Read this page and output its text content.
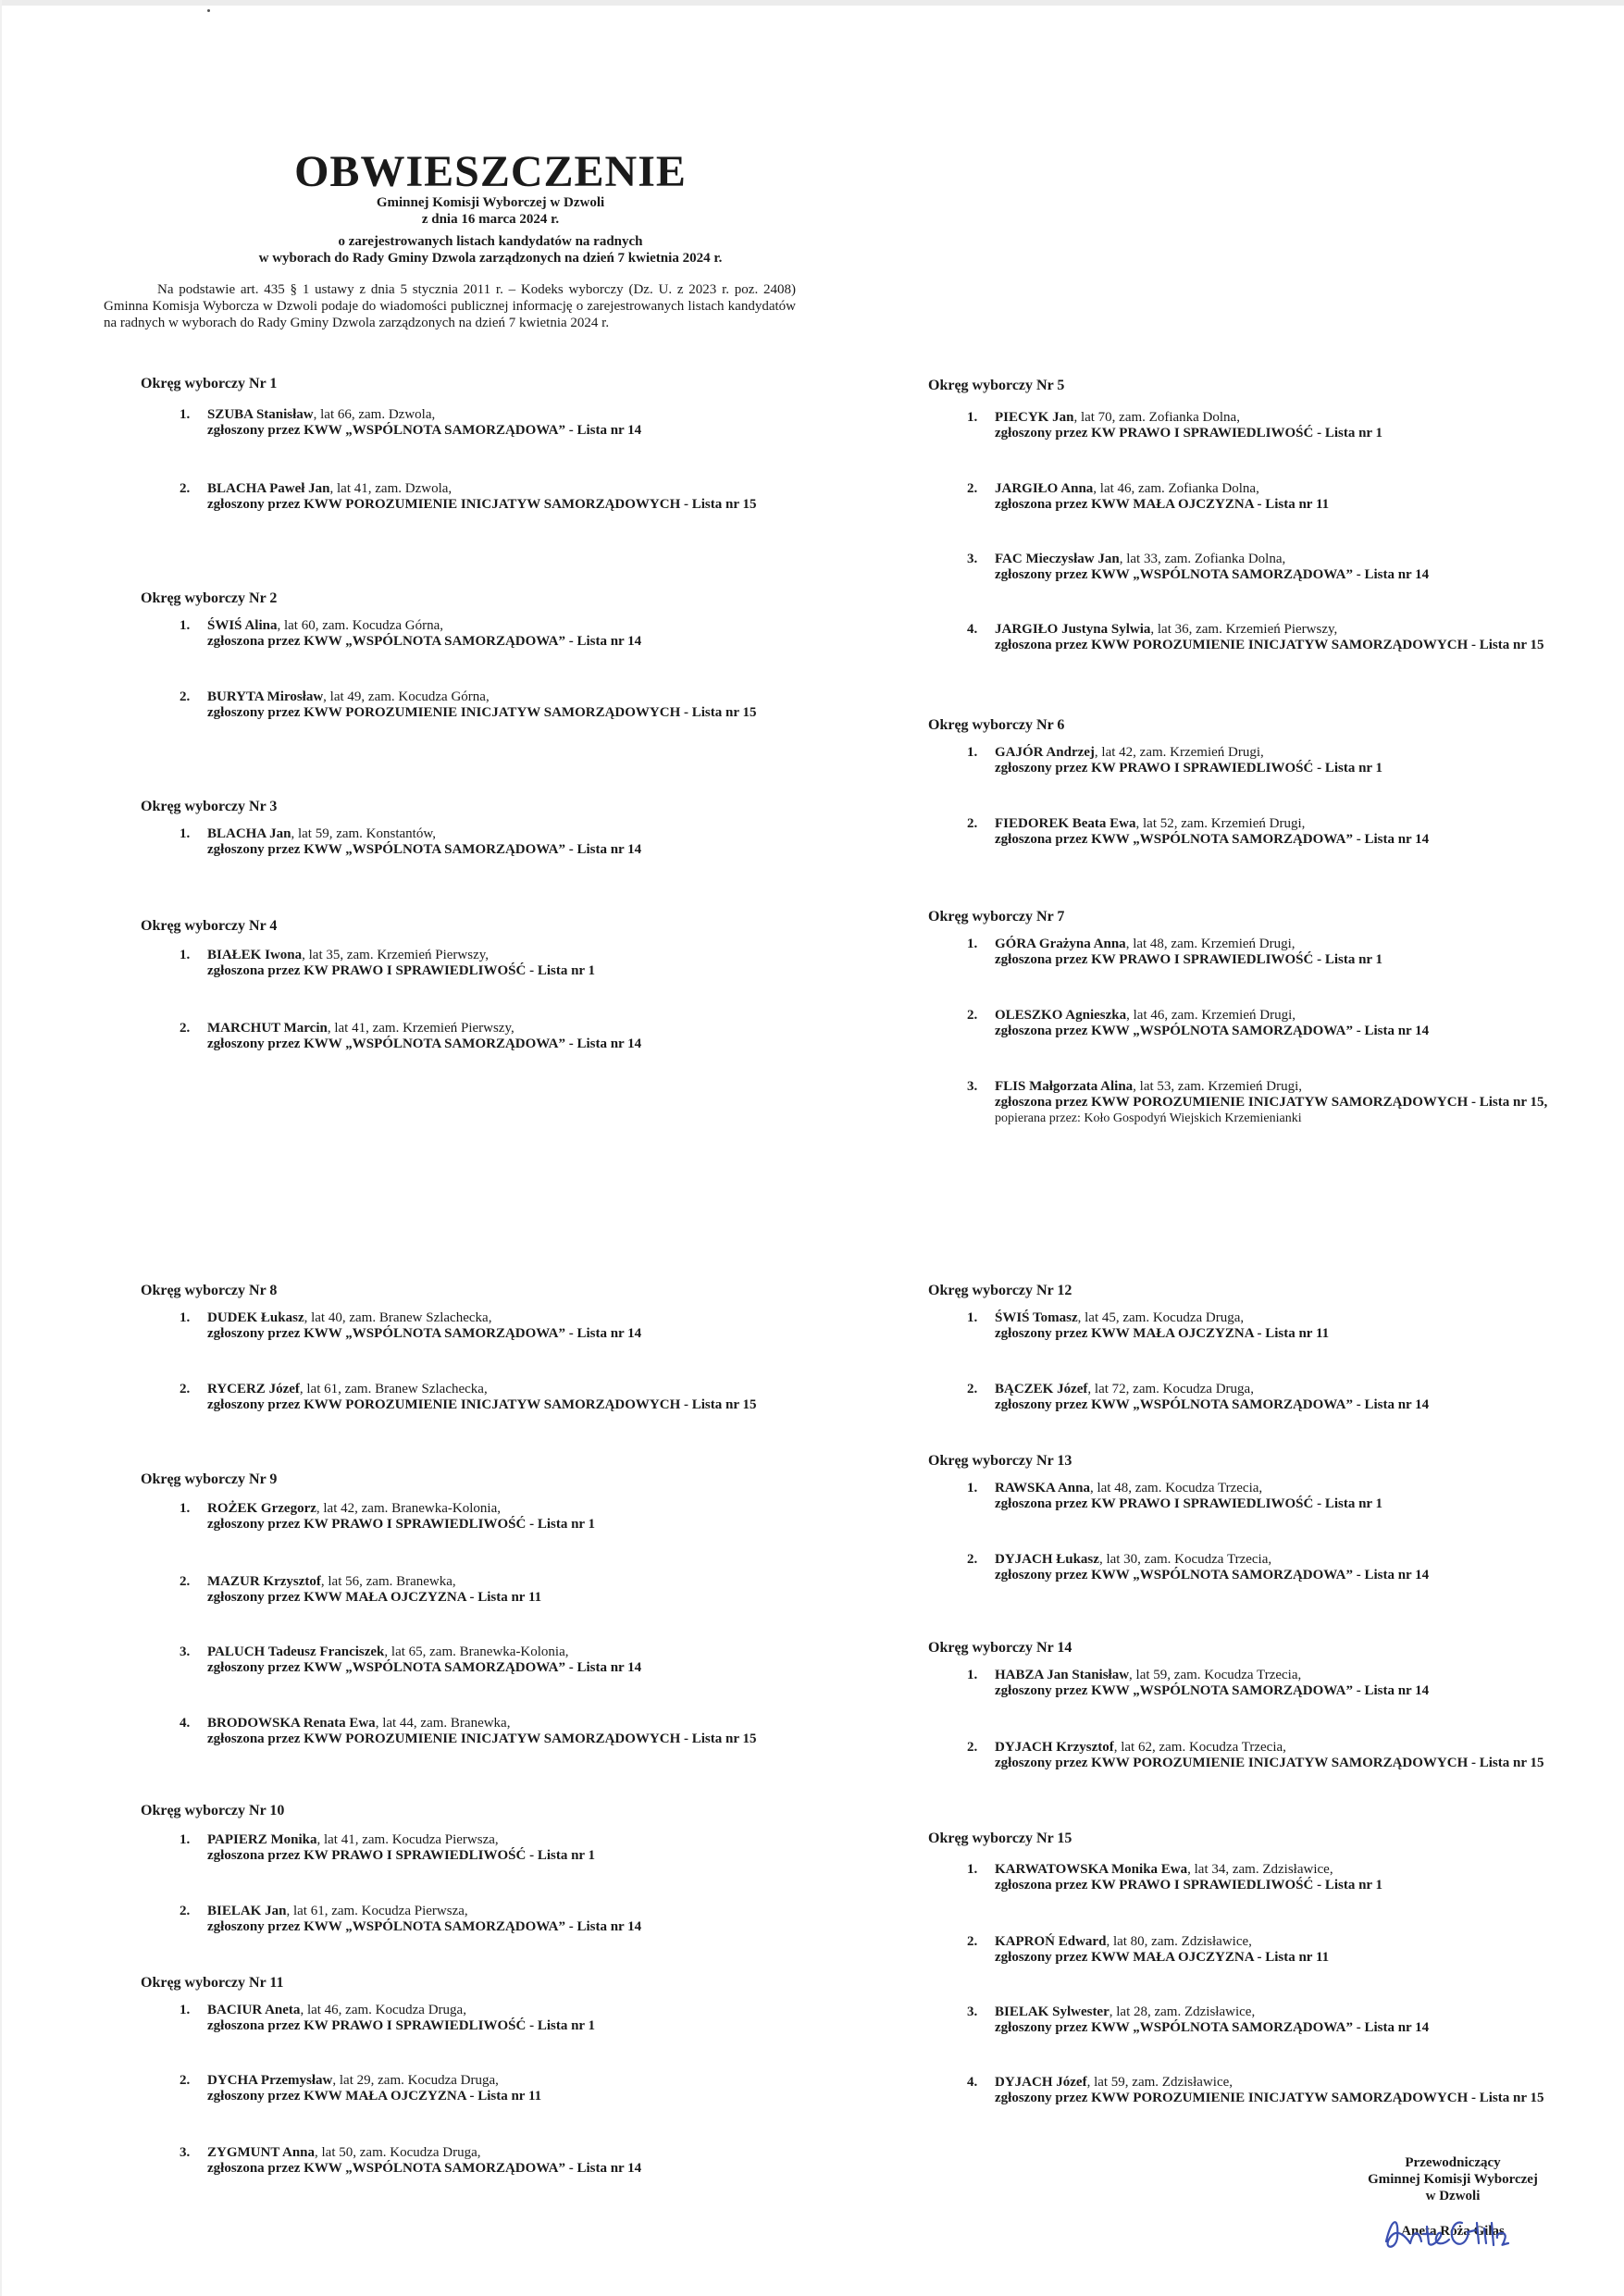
OBWIESZCZENIE
Gminnej Komisji Wyborczej w Dzwoli
z dnia 16 marca 2024 r.
o zarejestrowanych listach kandydatów na radnych
w wyborach do Rady Gminy Dzwola zarządzonych na dzień 7 kwietnia 2024 r.
Na podstawie art. 435 § 1 ustawy z dnia 5 stycznia 2011 r. – Kodeks wyborczy (Dz. U. z 2023 r. poz. 2408) Gminna Komisja Wyborcza w Dzwoli podaje do wiadomości publicznej informację o zarejestrowanych listach kandydatów na radnych w wyborach do Rady Gminy Dzwola zarządzonych na dzień 7 kwietnia 2024 r.
Okręg wyborczy Nr 1
1. SZUBA Stanisław, lat 66, zam. Dzwola,
zgłoszony przez KWW „WSPÓLNOTA SAMORZĄDOWA” - Lista nr 14
2. BLACHA Paweł Jan, lat 41, zam. Dzwola,
zgłoszony przez KWW POROZUMIENIE INICJATYW SAMORZĄDOWYCH - Lista nr 15
Okręg wyborczy Nr 2
1. ŚWIŚ Alina, lat 60, zam. Kocudza Górna,
zgłoszona przez KWW „WSPÓLNOTA SAMORZĄDOWA” - Lista nr 14
2. BURYTA Mirosław, lat 49, zam. Kocudza Górna,
zgłoszony przez KWW POROZUMIENIE INICJATYW SAMORZĄDOWYCH - Lista nr 15
Okręg wyborczy Nr 3
1. BLACHA Jan, lat 59, zam. Konstantów,
zgłoszony przez KWW „WSPÓLNOTA SAMORZĄDOWA” - Lista nr 14
Okręg wyborczy Nr 4
1. BIAŁEK Iwona, lat 35, zam. Krzemień Pierwszy,
zgłoszona przez KW PRAWO I SPRAWIEDLIWOŚĆ - Lista nr 1
2. MARCHUT Marcin, lat 41, zam. Krzemień Pierwszy,
zgłoszony przez KWW „WSPÓLNOTA SAMORZĄDOWA” - Lista nr 14
Okręg wyborczy Nr 5
1. PIECYK Jan, lat 70, zam. Zofianka Dolna,
zgłoszony przez KW PRAWO I SPRAWIEDLIWOŚĆ - Lista nr 1
2. JARGIŁO Anna, lat 46, zam. Zofianka Dolna,
zgłoszona przez KWW MAŁA OJCZYZNA - Lista nr 11
3. FAC Mieczysław Jan, lat 33, zam. Zofianka Dolna,
zgłoszony przez KWW „WSPÓLNOTA SAMORZĄDOWA” - Lista nr 14
4. JARGIŁO Justyna Sylwia, lat 36, zam. Krzemień Pierwszy,
zgłoszona przez KWW POROZUMIENIE INICJATYW SAMORZĄDOWYCH - Lista nr 15
Okręg wyborczy Nr 6
1. GAJÓR Andrzej, lat 42, zam. Krzemień Drugi,
zgłoszony przez KW PRAWO I SPRAWIEDLIWOŚĆ - Lista nr 1
2. FIEDOREK Beata Ewa, lat 52, zam. Krzemień Drugi,
zgłoszona przez KWW „WSPÓLNOTA SAMORZĄDOWA” - Lista nr 14
Okręg wyborczy Nr 7
1. GÓRA Grażyna Anna, lat 48, zam. Krzemień Drugi,
zgłoszona przez KW PRAWO I SPRAWIEDLIWOŚĆ - Lista nr 1
2. OLESZKO Agnieszka, lat 46, zam. Krzemień Drugi,
zgłoszona przez KWW „WSPÓLNOTA SAMORZĄDOWA” - Lista nr 14
3. FLIS Małgorzata Alina, lat 53, zam. Krzemień Drugi,
zgłoszona przez KWW POROZUMIENIE INICJATYW SAMORZĄDOWYCH - Lista nr 15,
popierana przez: Koło Gospodyń Wiejskich Krzemienianki
Okręg wyborczy Nr 8
1. DUDEK Łukasz, lat 40, zam. Branew Szlachecka,
zgłoszony przez KWW „WSPÓLNOTA SAMORZĄDOWA” - Lista nr 14
2. RYCERZ Józef, lat 61, zam. Branew Szlachecka,
zgłoszony przez KWW POROZUMIENIE INICJATYW SAMORZĄDOWYCH - Lista nr 15
Okręg wyborczy Nr 9
1. ROŻEK Grzegorz, lat 42, zam. Branewka-Kolonia,
zgłoszony przez KW PRAWO I SPRAWIEDLIWOŚĆ - Lista nr 1
2. MAZUR Krzysztof, lat 56, zam. Branewka,
zgłoszony przez KWW MAŁA OJCZYZNA - Lista nr 11
3. PALUCH Tadeusz Franciszek, lat 65, zam. Branewka-Kolonia,
zgłoszony przez KWW „WSPÓLNOTA SAMORZĄDOWA” - Lista nr 14
4. BRODOWSKA Renata Ewa, lat 44, zam. Branewka,
zgłoszona przez KWW POROZUMIENIE INICJATYW SAMORZĄDOWYCH - Lista nr 15
Okręg wyborczy Nr 10
1. PAPIERZ Monika, lat 41, zam. Kocudza Pierwsza,
zgłoszona przez KW PRAWO I SPRAWIEDLIWOŚĆ - Lista nr 1
2. BIELAK Jan, lat 61, zam. Kocudza Pierwsza,
zgłoszony przez KWW „WSPÓLNOTA SAMORZĄDOWA” - Lista nr 14
Okręg wyborczy Nr 11
1. BACIUR Aneta, lat 46, zam. Kocudza Druga,
zgłoszona przez KW PRAWO I SPRAWIEDLIWOŚĆ - Lista nr 1
2. DYCHA Przemysław, lat 29, zam. Kocudza Druga,
zgłoszony przez KWW MAŁA OJCZYZNA - Lista nr 11
3. ZYGMUNT Anna, lat 50, zam. Kocudza Druga,
zgłoszona przez KWW „WSPÓLNOTA SAMORZĄDOWA” - Lista nr 14
Okręg wyborczy Nr 12
1. ŚWIŚ Tomasz, lat 45, zam. Kocudza Druga,
zgłoszony przez KWW MAŁA OJCZYZNA - Lista nr 11
2. BĄCZEK Józef, lat 72, zam. Kocudza Druga,
zgłoszony przez KWW „WSPÓLNOTA SAMORZĄDOWA” - Lista nr 14
Okręg wyborczy Nr 13
1. RAWSKA Anna, lat 48, zam. Kocudza Trzecia,
zgłoszona przez KW PRAWO I SPRAWIEDLIWOŚĆ - Lista nr 1
2. DYJACH Łukasz, lat 30, zam. Kocudza Trzecia,
zgłoszony przez KWW „WSPÓLNOTA SAMORZĄDOWA” - Lista nr 14
Okręg wyborczy Nr 14
1. HABZA Jan Stanisław, lat 59, zam. Kocudza Trzecia,
zgłoszony przez KWW „WSPÓLNOTA SAMORZĄDOWA” - Lista nr 14
2. DYJACH Krzysztof, lat 62, zam. Kocudza Trzecia,
zgłoszony przez KWW POROZUMIENIE INICJATYW SAMORZĄDOWYCH - Lista nr 15
Okręg wyborczy Nr 15
1. KARWATOWSKA Monika Ewa, lat 34, zam. Zdzisławice,
zgłoszona przez KW PRAWO I SPRAWIEDLIWOŚĆ - Lista nr 1
2. KAPROŃ Edward, lat 80, zam. Zdzisławice,
zgłoszony przez KWW MAŁA OJCZYZNA - Lista nr 11
3. BIELAK Sylwester, lat 28, zam. Zdzisławice,
zgłoszony przez KWW „WSPÓLNOTA SAMORZĄDOWA” - Lista nr 14
4. DYJACH Józef, lat 59, zam. Zdzisławice,
zgłoszony przez KWW POROZUMIENIE INICJATYW SAMORZĄDOWYCH - Lista nr 15
Przewodniczący
Gminnej Komisji Wyborczej
w Dzwoli
Aneta Róża Gilas
